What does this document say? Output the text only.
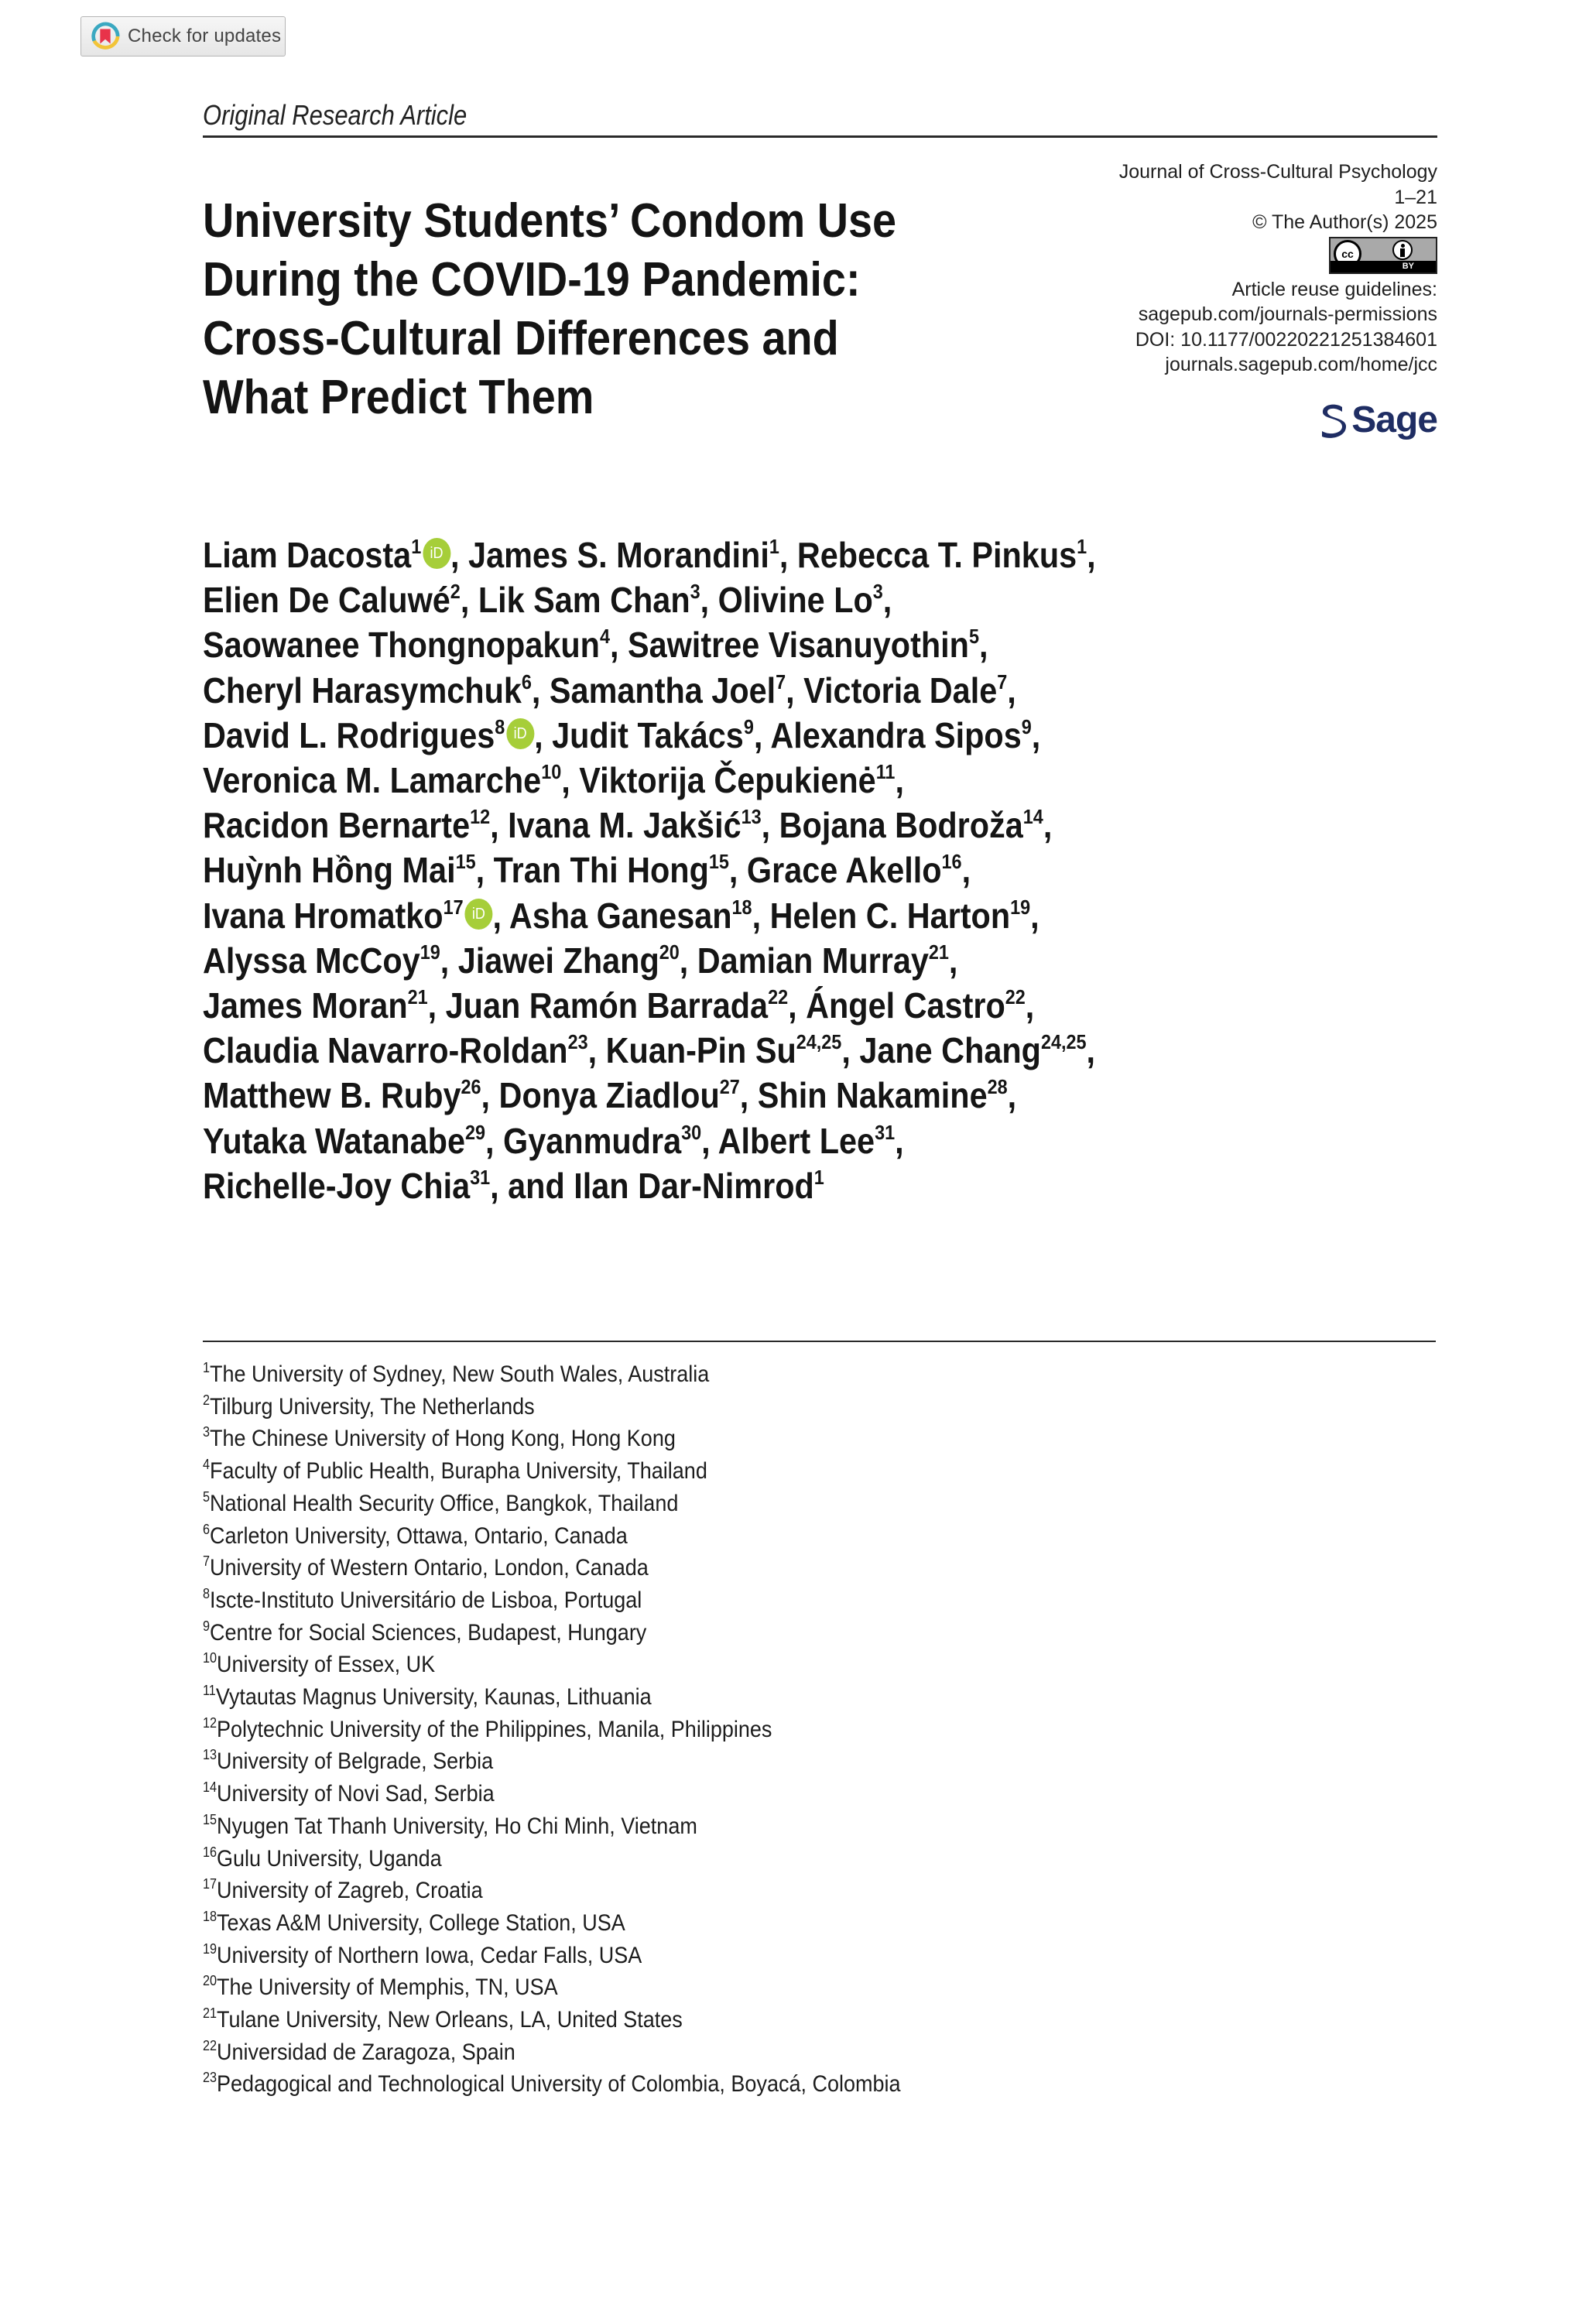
Check for updates
Original Research Article
University Students’ Condom Use
During the COVID-19 Pandemic:
Cross-Cultural Differences and
What Predict Them
Journal of Cross-Cultural Psychology
1–21
© The Author(s) 2025
cc
BY
Article reuse guidelines:
sagepub.com/journals-permissions
DOI: 10.1177/00220221251384601
journals.sagepub.com/home/jcc
Sage
Liam Dacosta$^1$ iD , James S. Morandini$^1$, Rebecca T. Pinkus$^1$,
Elien De Caluwé$^2$, Lik Sam Chan$^3$, Olivine Lo$^3$,
Saowanee Thongnopakun$^4$, Sawitree Visanuyothin$^5$,
Cheryl Harasymchuk$^6$, Samantha Joel$^7$, Victoria Dale$^7$,
David L. Rodrigues$^8$ iD , Judit Takács$^9$, Alexandra Sipos$^9$,
Veronica M. Lamarche$^{10}$, Viktorija Čepukienė$^{11}$,
Racidon Bernarte$^{12}$, Ivana M. Jakšić$^{13}$, Bojana Bodroža$^{14}$,
Huỳnh Hồng Mai$^{15}$, Tran Thi Hong$^{15}$, Grace Akello$^{16}$,
Ivana Hromatko$^{17}$ iD , Asha Ganesan$^{18}$, Helen C. Harton$^{19}$,
Alyssa McCoy$^{19}$, Jiawei Zhang$^{20}$, Damian Murray$^{21}$,
James Moran$^{21}$, Juan Ramón Barrada$^{22}$, Ángel Castro$^{22}$,
Claudia Navarro-Roldan$^{23}$, Kuan-Pin Su$^{24,25}$, Jane Chang$^{24,25}$,
Matthew B. Ruby$^{26}$, Donya Ziadlou$^{27}$, Shin Nakamine$^{28}$,
Yutaka Watanabe$^{29}$, Gyanmudra$^{30}$, Albert Lee$^{31}$,
Richelle-Joy Chia$^{31}$, and Ilan Dar-Nimrod$^1$
$^1$The University of Sydney, New South Wales, Australia
$^2$Tilburg University, The Netherlands
$^3$The Chinese University of Hong Kong, Hong Kong
$^4$Faculty of Public Health, Burapha University, Thailand
$^5$National Health Security Office, Bangkok, Thailand
$^6$Carleton University, Ottawa, Ontario, Canada
$^7$University of Western Ontario, London, Canada
$^8$Iscte-Instituto Universitário de Lisboa, Portugal
$^9$Centre for Social Sciences, Budapest, Hungary
$^{10}$University of Essex, UK
$^{11}$Vytautas Magnus University, Kaunas, Lithuania
$^{12}$Polytechnic University of the Philippines, Manila, Philippines
$^{13}$University of Belgrade, Serbia
$^{14}$University of Novi Sad, Serbia
$^{15}$Nyugen Tat Thanh University, Ho Chi Minh, Vietnam
$^{16}$Gulu University, Uganda
$^{17}$University of Zagreb, Croatia
$^{18}$Texas A&M University, College Station, USA
$^{19}$University of Northern Iowa, Cedar Falls, USA
$^{20}$The University of Memphis, TN, USA
$^{21}$Tulane University, New Orleans, LA, United States
$^{22}$Universidad de Zaragoza, Spain
$^{23}$Pedagogical and Technological University of Colombia, Boyacá, Colombia
